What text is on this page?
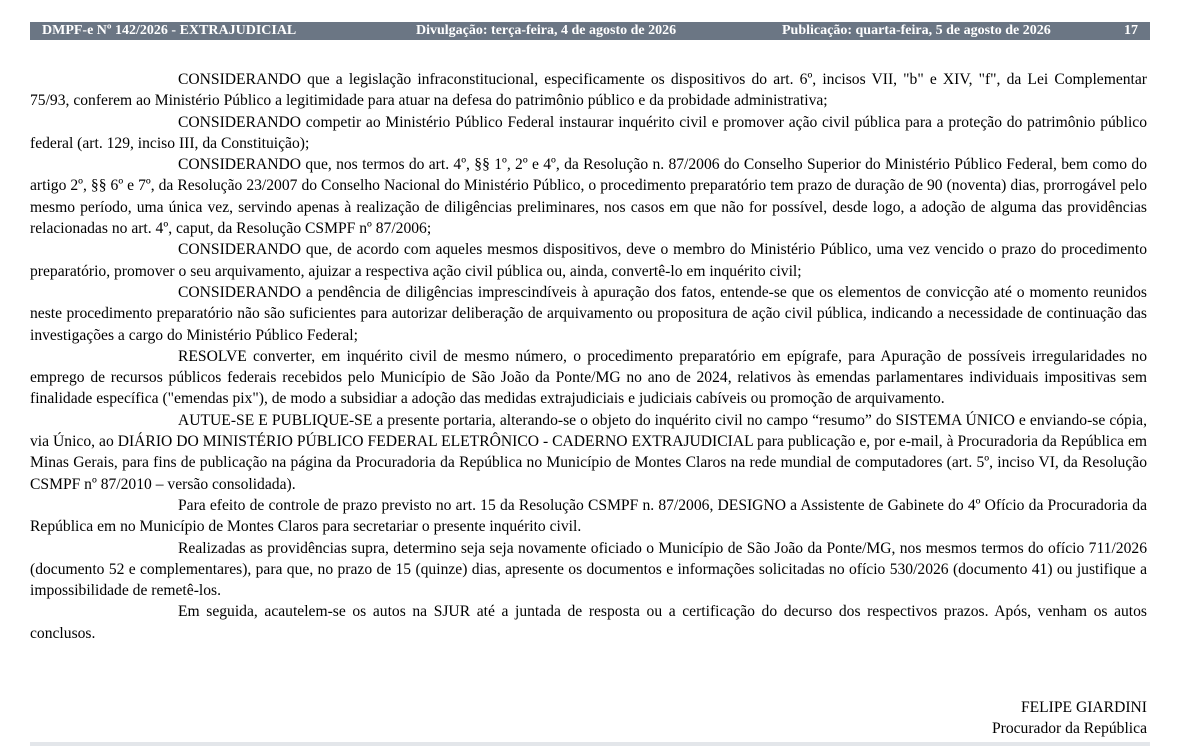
DMPF-e Nº 142/2026 - EXTRAJUDICIAL	Divulgação: terça-feira, 4 de agosto de 2026	Publicação: quarta-feira, 5 de agosto de 2026	17

CONSIDERANDO que a legislação infraconstitucional, especificamente os dispositivos do art. 6º, incisos VII, "b" e XIV, "f", da Lei Complementar 75/93, conferem ao Ministério Público a legitimidade para atuar na defesa do patrimônio público e da probidade administrativa;

CONSIDERANDO competir ao Ministério Público Federal instaurar inquérito civil e promover ação civil pública para a proteção do patrimônio público federal (art. 129, inciso III, da Constituição);

CONSIDERANDO que, nos termos do art. 4º, §§ 1º, 2º e 4º, da Resolução n. 87/2006 do Conselho Superior do Ministério Público Federal, bem como do artigo 2º, §§ 6º e 7º, da Resolução 23/2007 do Conselho Nacional do Ministério Público, o procedimento preparatório tem prazo de duração de 90 (noventa) dias, prorrogável pelo mesmo período, uma única vez, servindo apenas à realização de diligências preliminares, nos casos em que não for possível, desde logo, a adoção de alguma das providências relacionadas no art. 4º, caput, da Resolução CSMPF nº 87/2006;

CONSIDERANDO que, de acordo com aqueles mesmos dispositivos, deve o membro do Ministério Público, uma vez vencido o prazo do procedimento preparatório, promover o seu arquivamento, ajuizar a respectiva ação civil pública ou, ainda, convertê-lo em inquérito civil;

CONSIDERANDO a pendência de diligências imprescindíveis à apuração dos fatos, entende-se que os elementos de convicção até o momento reunidos neste procedimento preparatório não são suficientes para autorizar deliberação de arquivamento ou propositura de ação civil pública, indicando a necessidade de continuação das investigações a cargo do Ministério Público Federal;

RESOLVE converter, em inquérito civil de mesmo número, o procedimento preparatório em epígrafe, para Apuração de possíveis irregularidades no emprego de recursos públicos federais recebidos pelo Município de São João da Ponte/MG no ano de 2024, relativos às emendas parlamentares individuais impositivas sem finalidade específica ("emendas pix"), de modo a subsidiar a adoção das medidas extrajudiciais e judiciais cabíveis ou promoção de arquivamento.

AUTUE-SE E PUBLIQUE-SE a presente portaria, alterando-se o objeto do inquérito civil no campo “resumo” do SISTEMA ÚNICO e enviando-se cópia, via Único, ao DIÁRIO DO MINISTÉRIO PÚBLICO FEDERAL ELETRÔNICO - CADERNO EXTRAJUDICIAL para publicação e, por e-mail, à Procuradoria da República em Minas Gerais, para fins de publicação na página da Procuradoria da República no Município de Montes Claros na rede mundial de computadores (art. 5º, inciso VI, da Resolução CSMPF nº 87/2010 – versão consolidada).

Para efeito de controle de prazo previsto no art. 15 da Resolução CSMPF n. 87/2006, DESIGNO a Assistente de Gabinete do 4º Ofício da Procuradoria da República em no Município de Montes Claros para secretariar o presente inquérito civil.

Realizadas as providências supra, determino seja seja novamente oficiado o Município de São João da Ponte/MG, nos mesmos termos do ofício 711/2026 (documento 52 e complementares), para que, no prazo de 15 (quinze) dias, apresente os documentos e informações solicitadas no ofício 530/2026 (documento 41) ou justifique a impossibilidade de remetê-los.

Em seguida, acautelem-se os autos na SJUR até a juntada de resposta ou a certificação do decurso dos respectivos prazos. Após, venham os autos conclusos.

FELIPE GIARDINI
Procurador da República
